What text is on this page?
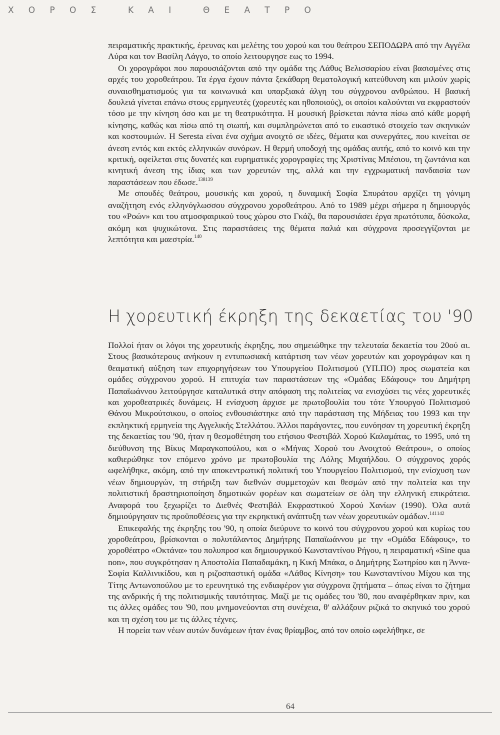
ΧΟΡΟΣ ΚΑΙ ΘΕΑΤΡΟ

πειραματικής πρακτικής, έρευνας και μελέτης του χορού και του θεάτρου ΣΕΠΟΔΩΡΑ από την Αγγέλα Λύρα και τον Βασίλη Λάγγο, το οποίο λειτουργησε εως το 1994.

Οι χορογράφοι που παρουσιάζονται από την ομάδα της Λάθυς Βελισσαρίου είναι βασισμένες στις αρχές του χοροθεάτρου. Τα έργα έχουν πάντα ξεκάθαρη θεματολογική κατεύθυνση και μιλούν χωρίς συναισθηματισμούς για τα κοινωνικά και υπαρξιακά άλγη του σύγχρονου ανθρώπου. Η βασική δουλειά γίνεται επάνω στους ερμηνευτές (χορευτές και ηθοποιούς), οι οποίοι καλούνται να εκφραστούν τόσο με την κίνηση όσο και με τη θεατρικότητα. Η μουσική βρίσκεται πάντα πίσω από κάθε μορφή κίνησης, καθώς και πίσω από τη σιωπή, και συμπληρώνεται από το εικαστικό στοιχείο των σκηνικών και κοστουμιών. Η Seresta είναι ένα σχήμα ανοιχτό σε ιδέες, θέματα και συνεργάτες, που κινείται σε άνεση εντός και εκτός ελληνικών συνόρων. Η θερμή υποδοχή της ομάδας αυτής, από το κοινό και την κριτική, οφείλεται στις δυνατές και ευρηματικές χορογραφίες της Χριστίνας Μπέσιου, τη ζωντάνια και κινητική άνεση της ίδιας και των χορευτών της, αλλά και την εγχρωματική πανδαισία των παραστάσεων που έδωσε.$^{138139}$

Με σπουδές θεάτρου, μουσικής και χορού, η δυναμική Σοφία Σπυράτου αρχίζει τη γόνιμη αναζήτηση ενός ελληνόγλωσσου σύγχρονου χοροθεάτρου. Από το 1989 μέχρι σήμερα η δημιουργός του «Ροών» και του ατμοσφαιρικού τους χώρου στο Γκάζι, θα παρουσιάσει έργα πρωτότυπα, δύσκολα, ακόμη και ψυχικώτονα. Στις παραστάσεις της θέματα παλιά και σύγχρονα προσεγγίζονται με λεπτότητα και μαεστρία.$^{140}$

Η χορευτική έκρηξη της δεκαετίας του '90

Πολλοί ήταν οι λόγοι της χορευτικής έκρηξης, που σημειώθηκε την τελευταία δεκαετία του 20ού αι. Στους βασικότερους ανήκουν η εντυπωσιακή κατάρτιση των νέων χορευτών και χορογράφων και η θεαματική αύξηση των επιχορηγήσεων του Υπουργείου Πολιτισμού (ΥΠ.ΠΟ) προς σωματεία και ομάδες σύγχρονου χορού. Η επιτυχία των παραστάσεων της «Ομάδας Εδάφους» του Δημήτρη Παπαϊωάννου λειτούργησε καταλυτικά στην απόφαση της πολιτείας να ενισχύσει τις νέες χορευτικές και χοροθεατρικές δυνάμεις. Η ενίσχυση άρχισε με πρωτοβουλία του τότε Υπουργού Πολιτισμού Θάνου Μικρούτσικου, ο οποίος ενθουσιάστηκε από την παράσταση της Μήδειας του 1993 και την εκπληκτική ερμηνεία της Αγγελικής Στελλάτου. Άλλοι παράγοντες, που ευνόησαν τη χορευτική έκρηξη της δεκαετίας του '90, ήταν η θεσμοθέτηση του ετήσιου Φεστιβάλ Χορού Καλαμάτας, το 1995, υπό τη διεύθυνση της Βίκυς Μαραγκοπούλου, και ο «Μήνας Χορού του Ανοιχτού Θεάτρου», ο οποίος καθιερώθηκε τον επόμενο χρόνο με πρωτοβουλία της Λόλης Μιχαήλδου. Ο σύγχρονος χορός ωφελήθηκε, ακόμη, από την αποκεντρωτική πολιτική του Υπουργείου Πολιτισμού, την ενίσχυση των νέων δημιουργών, τη στήριξη των διεθνών συμμετοχών και θεσμών από την πολιτεία και την πολιτιστική δραστηριοποίηση δημοτικών φορέων και σωματείων σε όλη την ελληνική επικράτεια. Αναφορά του ξεχωρίζει το Διεθνές Φεστιβάλ Εκφραστικού Χορού Χανίων (1990). Όλα αυτά δημιούργησαν τις προϋποθέσεις για την εκρηκτική ανάπτυξη των νέων χορευτικών ομάδων.$^{141142}$

Επικεφαλής της έκρηξης του '90, η οποία διεύρυνε το κοινό του σύγχρονου χορού και κυρίως του χοροθεάτρου, βρίσκονται ο πολυτάλαντος Δημήτρης Παπαϊωάννου με την «Ομάδα Εδάφους», το χοροθέατρο «Οκτάνα» του πολυπροσ και δημιουργικού Κωνσταντίνου Ρήγου, η πειραματική «Sine qua non», που συγκρότησαν η Αποστολία Παπαδαμάκη, η Κική Μπάκα, ο Δημήτρης Σωτηρίου και η Άννα-Σοφία Καλλινικίδου, και η ριζοσπαστική ομάδα «Λάθος Κίνηση» του Κωνσταντίνου Μίχου και της Τίτης Αντωνοπούλου με το ερευνητικό της ενδιαφέρον για σύγχρονα ζητήματα – όπως είναι το ζήτημα της ανδρικής ή της πολιτισμικής ταυτότητας. Μαζί με τις ομάδες του '80, που αναφέρθηκαν πριν, και τις άλλες ομάδες του '90, που μνημονεύονται στη συνέχεια, θ' αλλάξουν ριζικά το σκηνικό του χορού και τη σχέση του με τις άλλες τέχνες.

Η πορεία των νέων αυτών δυνάμεων ήταν ένας θρίαμβος, από τον οποίο ωφελήθηκε, σε

64
